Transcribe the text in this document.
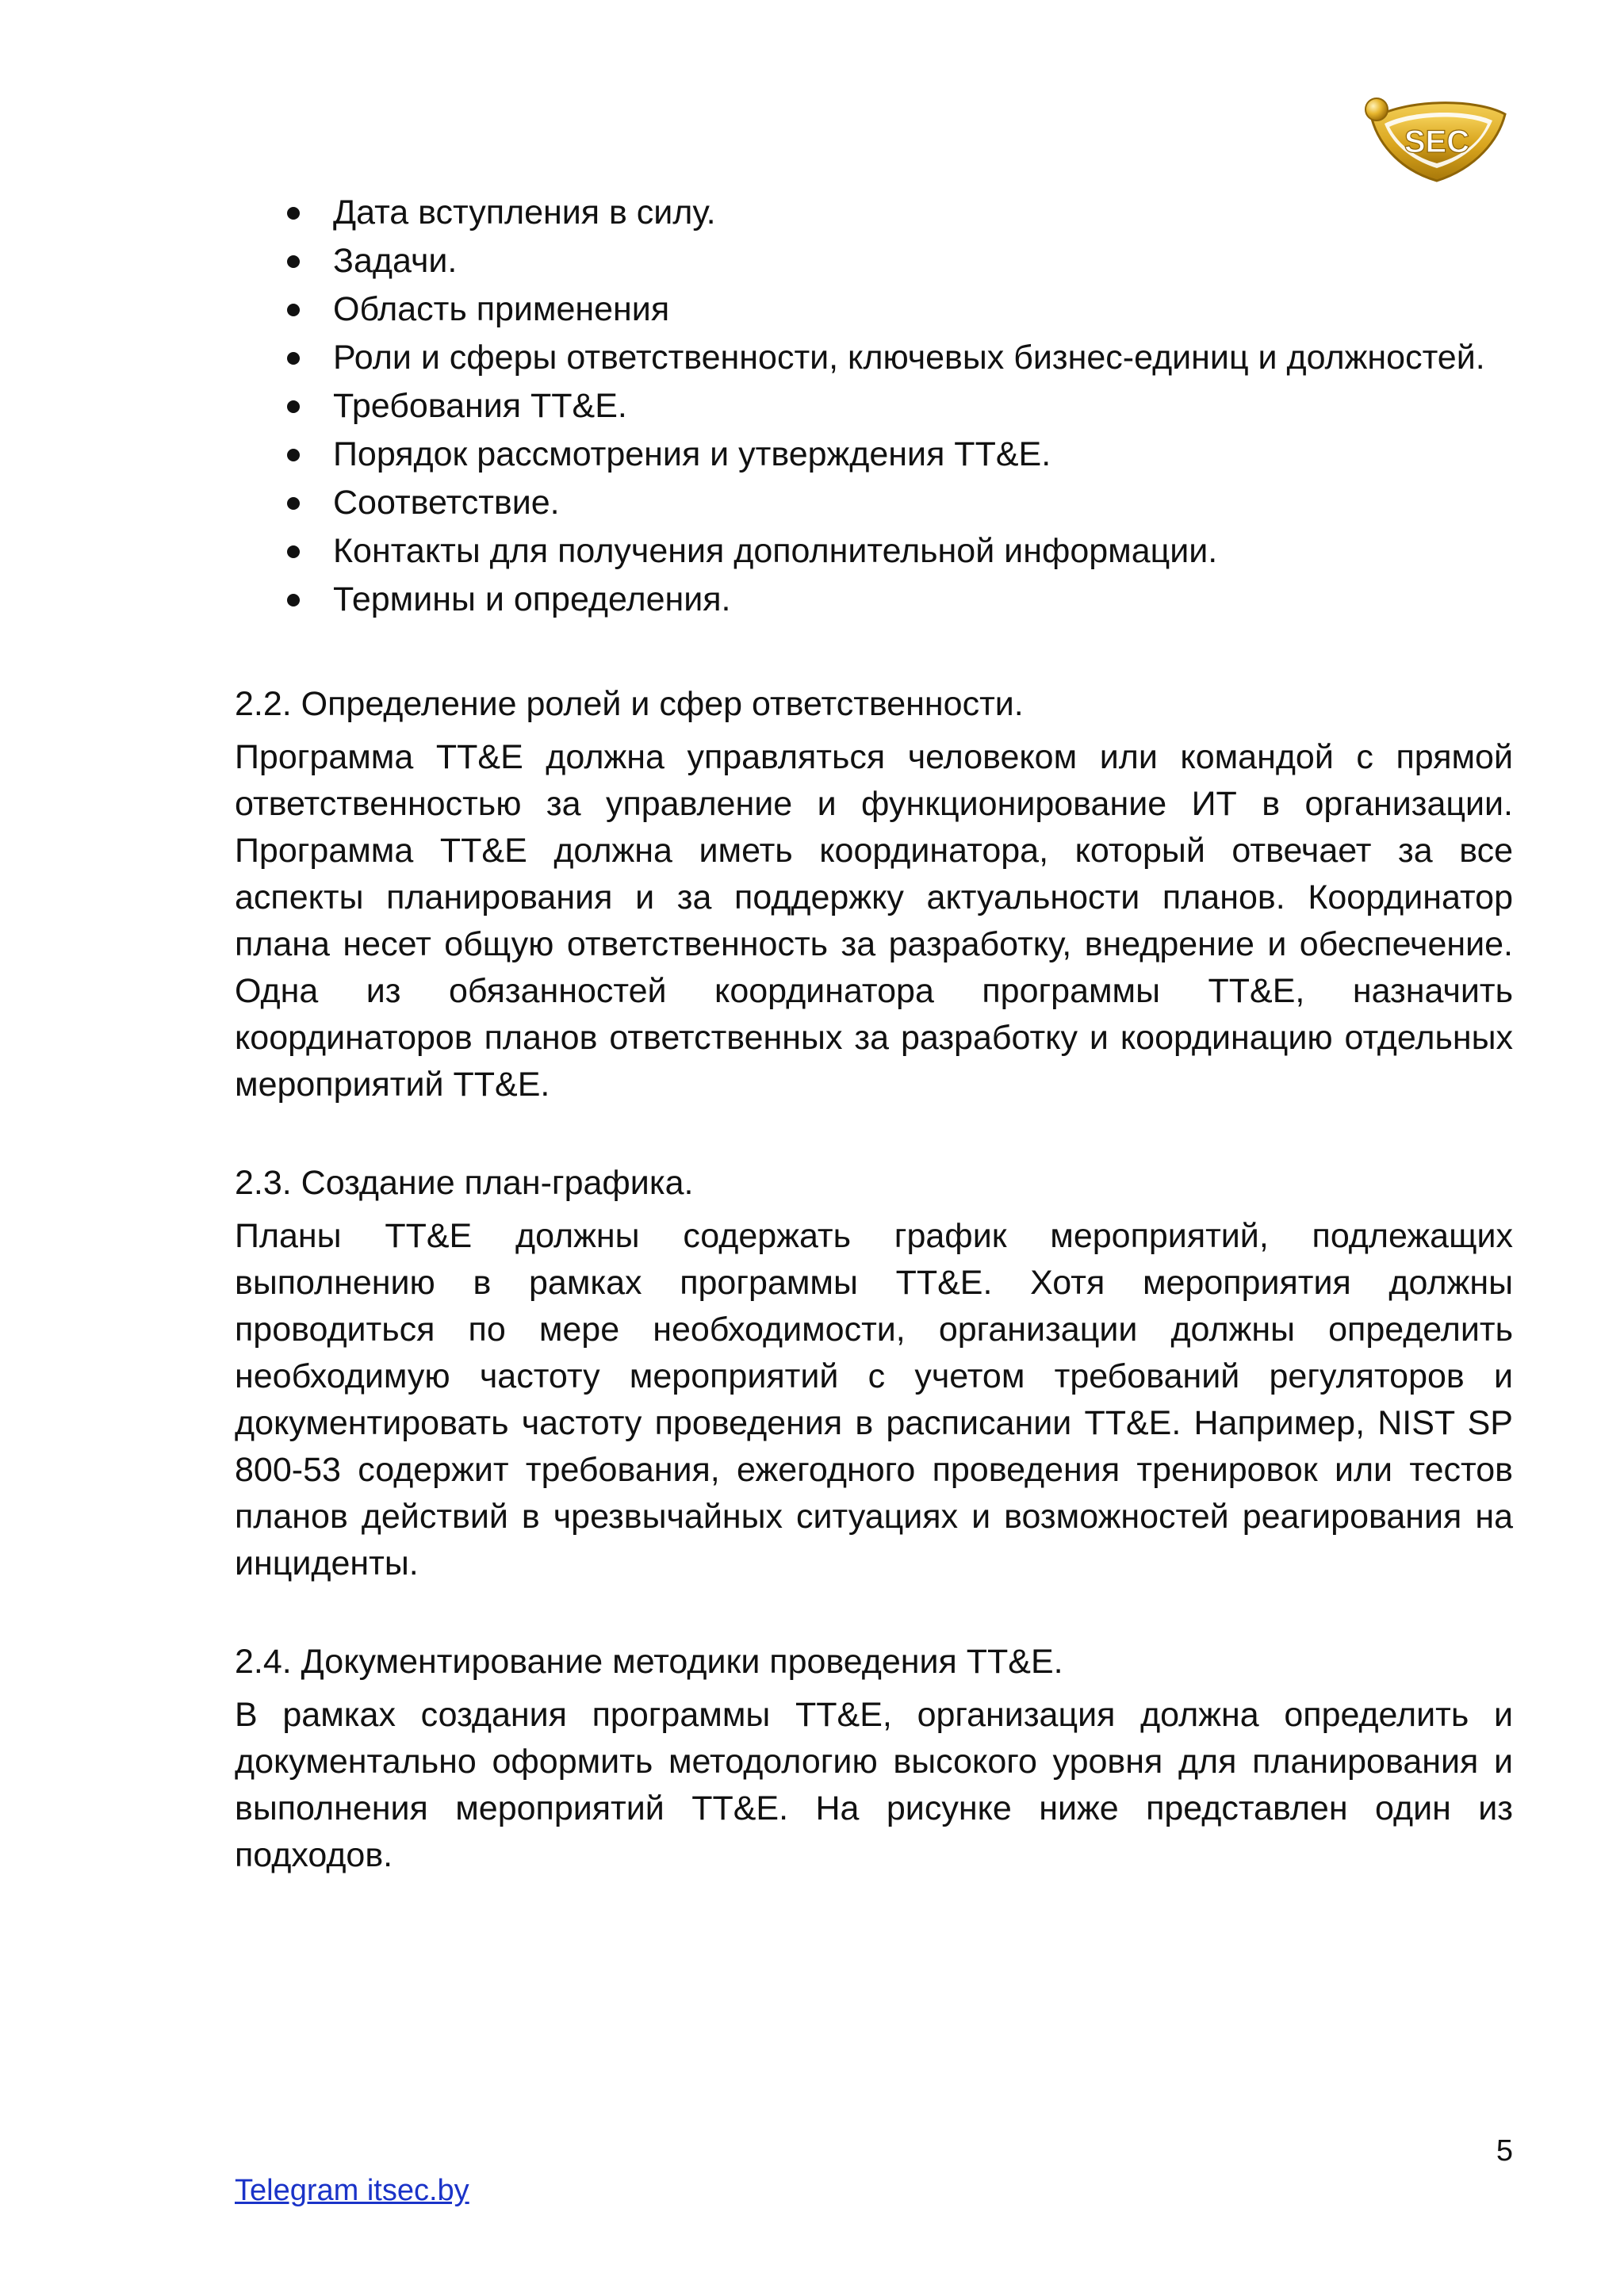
SEC
Дата вступления в силу.
Задачи.
Область применения
Роли и сферы ответственности, ключевых бизнес-единиц и должностей.
Требования ТТ&Е.
Порядок рассмотрения и утверждения ТТ&Е.
Соответствие.
Контакты для получения дополнительной информации.
Термины и определения.

2.2. Определение ролей и сфер ответственности.

Программа ТТ&Е должна управляться человеком или командой с прямой ответственностью за управление и функционирование ИТ в организации. Программа ТТ&Е должна иметь координатора, который отвечает за все аспекты планирования и за поддержку актуальности планов. Координатор плана несет общую ответственность за разработку, внедрение и обеспечение. Одна из обязанностей координатора программы ТТ&Е, назначить координаторов планов ответственных за разработку и координацию отдельных мероприятий ТТ&Е.

2.3. Создание план-графика.

Планы ТТ&Е должны содержать график мероприятий, подлежащих выполнению в рамках программы ТТ&Е. Хотя мероприятия должны проводиться по мере необходимости, организации должны определить необходимую частоту мероприятий с учетом требований регуляторов и документировать частоту проведения в расписании ТТ&Е. Например, NIST SP 800-53 содержит требования, ежегодного проведения тренировок или тестов планов действий в чрезвычайных ситуациях и возможностей реагирования на инциденты.

2.4. Документирование методики проведения ТТ&Е.

В рамках создания программы ТТ&Е, организация должна определить и документально оформить методологию высокого уровня для планирования и выполнения мероприятий ТТ&Е. На рисунке ниже представлен один из подходов.

5
Telegram itsec.by
